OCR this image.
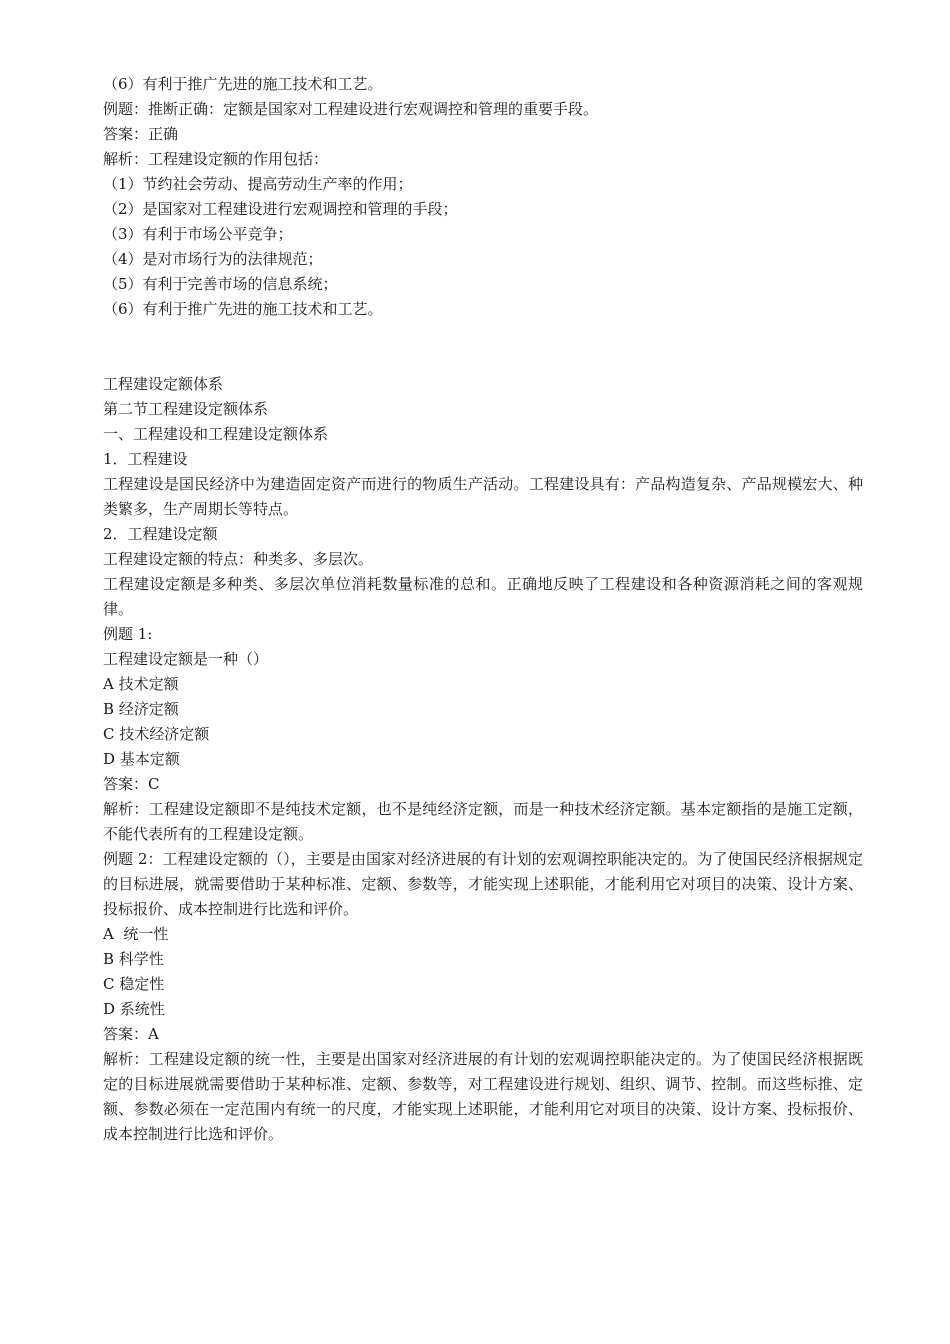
（6）有利于推广先进的施工技术和工艺。

例题：推断正确：定额是国家对工程建设进行宏观调控和管理的重要手段。

答案：正确

解析：工程建设定额的作用包括：

（1）节约社会劳动、提高劳动生产率的作用；

（2）是国家对工程建设进行宏观调控和管理的手段；

（3）有利于市场公平竞争；

（4）是对市场行为的法律规范；

（5）有利于完善市场的信息系统；

（6）有利于推广先进的施工技术和工艺。

工程建设定额体系

第二节工程建设定额体系

一、工程建设和工程建设定额体系

1．工程建设

工程建设是国民经济中为建造固定资产而进行的物质生产活动。工程建设具有：产品构造复杂、产品规模宏大、种类繁多，生产周期长等特点。

2．工程建设定额

工程建设定额的特点：种类多、多层次。

工程建设定额是多种类、多层次单位消耗数量标准的总和。正确地反映了工程建设和各种资源消耗之间的客观规律。

例题 1:

工程建设定额是一种（）

A 技术定额

B 经济定额

C 技术经济定额

D 基本定额

答案：C

解析：工程建设定额即不是纯技术定额，也不是纯经济定额，而是一种技术经济定额。基本定额指的是施工定额，不能代表所有的工程建设定额。

例题 2：工程建设定额的（），主要是由国家对经济进展的有计划的宏观调控职能决定的。为了使国民经济根据规定的目标进展，就需要借助于某种标准、定额、参数等，才能实现上述职能，才能利用它对项目的决策、设计方案、投标报价、成本控制进行比选和评价。

A  统一性

B 科学性

C 稳定性

D 系统性

答案：A

解析：工程建设定额的统一性，主要是出国家对经济进展的有计划的宏观调控职能决定的。为了使国民经济根据既定的目标进展就需要借助于某种标准、定额、参数等，对工程建设进行规划、组织、调节、控制。而这些标推、定额、参数必须在一定范围内有统一的尺度，才能实现上述职能，才能利用它对项目的决策、设计方案、投标报价、成本控制进行比选和评价。
